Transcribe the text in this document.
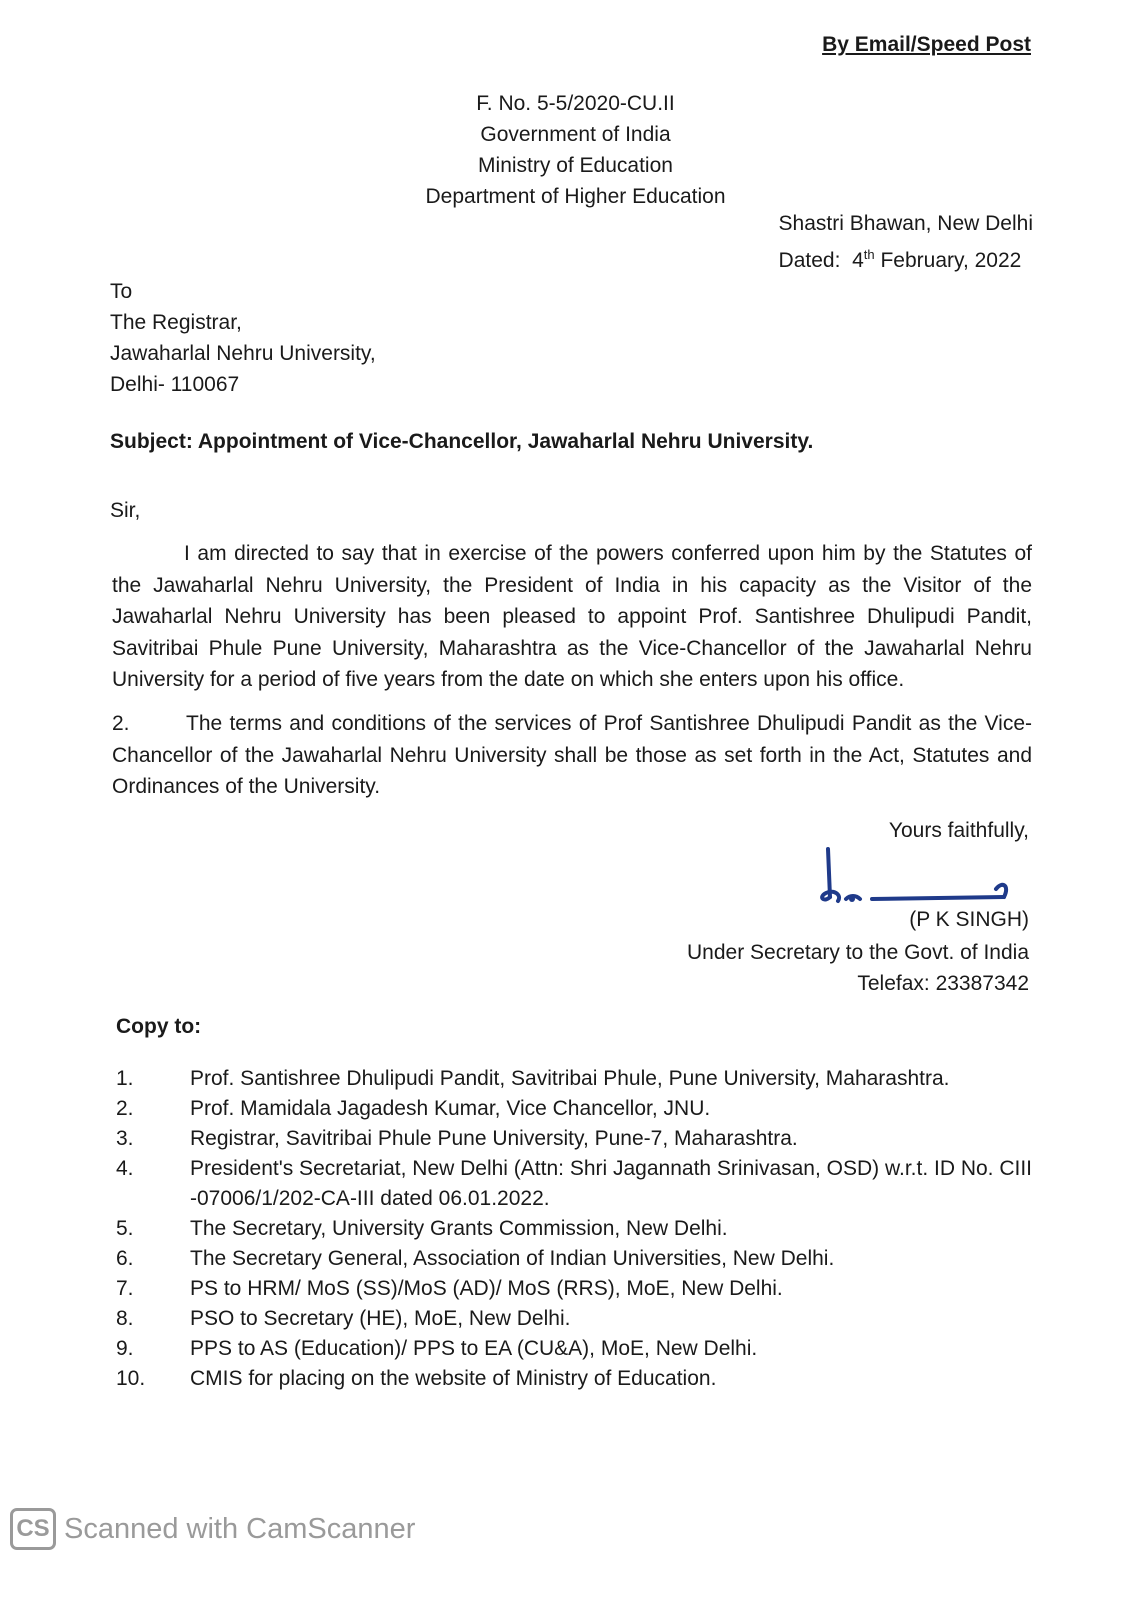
By Email/Speed Post
F. No. 5-5/2020-CU.II
Government of India
Ministry of Education
Department of Higher Education
Shastri Bhawan, New Delhi
Dated: 4th February, 2022
To
The Registrar,
Jawaharlal Nehru University,
Delhi- 110067
Subject: Appointment of Vice-Chancellor, Jawaharlal Nehru University.
Sir,
I am directed to say that in exercise of the powers conferred upon him by the Statutes of the Jawaharlal Nehru University, the President of India in his capacity as the Visitor of the Jawaharlal Nehru University has been pleased to appoint Prof. Santishree Dhulipudi Pandit, Savitribai Phule Pune University, Maharashtra as the Vice-Chancellor of the Jawaharlal Nehru University for a period of five years from the date on which she enters upon his office.
2.	The terms and conditions of the services of Prof Santishree Dhulipudi Pandit as the Vice-Chancellor of the Jawaharlal Nehru University shall be those as set forth in the Act, Statutes and Ordinances of the University.
Yours faithfully,
(P K SINGH)
Under Secretary to the Govt. of India
Telefax: 23387342
Copy to:
1.	Prof. Santishree Dhulipudi Pandit, Savitribai Phule, Pune University, Maharashtra.
2.	Prof. Mamidala Jagadesh Kumar, Vice Chancellor, JNU.
3.	Registrar, Savitribai Phule Pune University, Pune-7, Maharashtra.
4.	President's Secretariat, New Delhi (Attn: Shri Jagannath Srinivasan, OSD) w.r.t. ID No. CIII -07006/1/202-CA-III dated 06.01.2022.
5.	The Secretary, University Grants Commission, New Delhi.
6.	The Secretary General, Association of Indian Universities, New Delhi.
7.	PS to HRM/ MoS (SS)/MoS (AD)/ MoS (RRS), MoE, New Delhi.
8.	PSO to Secretary (HE), MoE, New Delhi.
9.	PPS to AS (Education)/ PPS to EA (CU&A), MoE, New Delhi.
10.	CMIS for placing on the website of Ministry of Education.
CS Scanned with CamScanner
